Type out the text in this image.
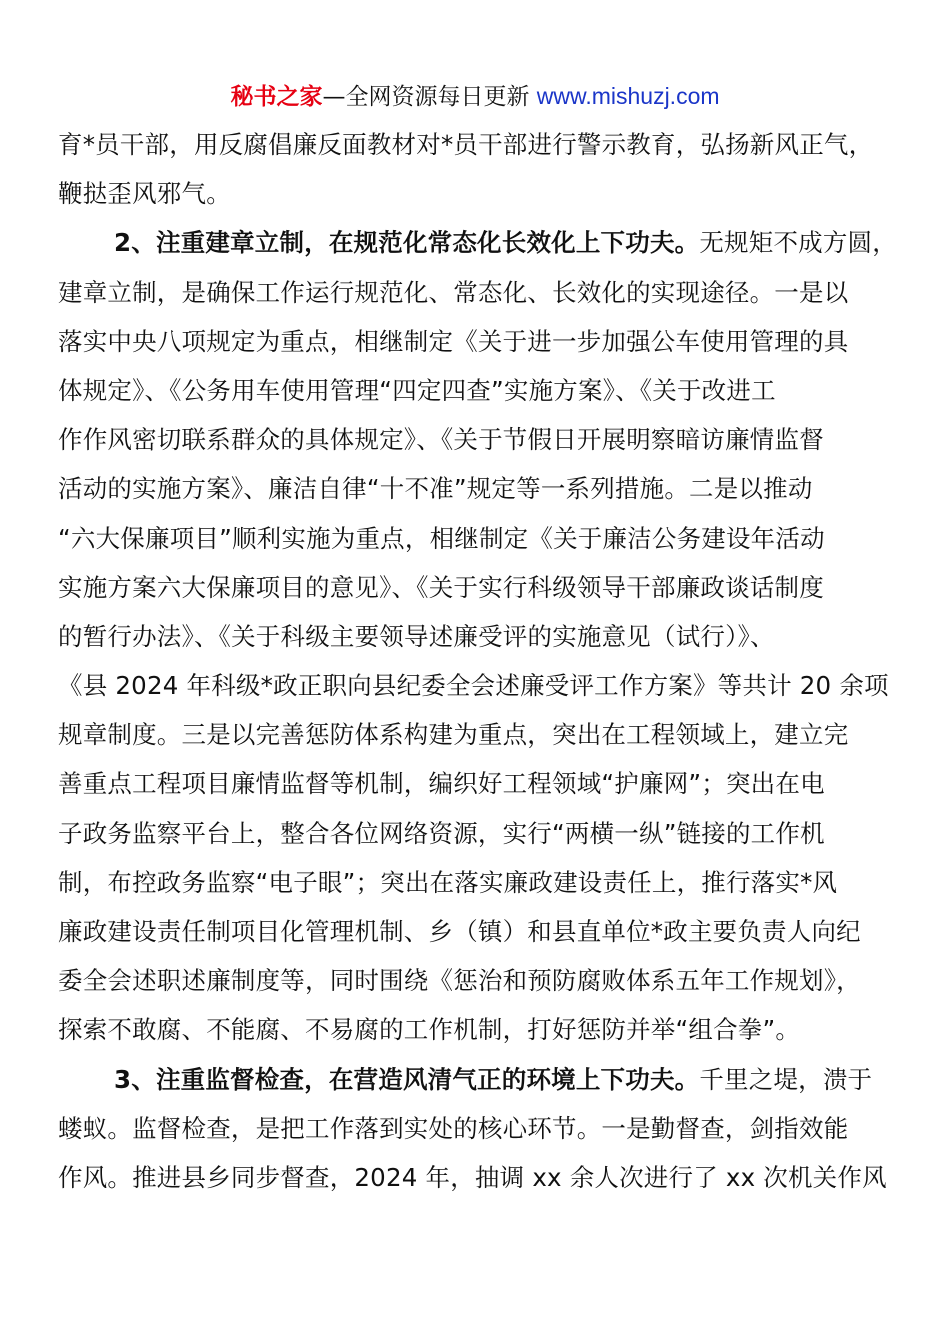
秘书之家—全网资源每日更新 www.mishuzj.com
育*员干部，用反腐倡廉反面教材对*员干部进行警示教育，弘扬新风正气，
鞭挞歪风邪气。
2、注重建章立制，在规范化常态化长效化上下功夫。无规矩不成方圆，
建章立制，是确保工作运行规范化、常态化、长效化的实现途径。一是以
落实中央八项规定为重点，相继制定《关于进一步加强公车使用管理的具
体规定》、《公务用车使用管理“四定四查”实施方案》、《关于改进工
作作风密切联系群众的具体规定》、《关于节假日开展明察暗访廉情监督
活动的实施方案》、廉洁自律“十不准”规定等一系列措施。二是以推动
“六大保廉项目”顺利实施为重点，相继制定《关于廉洁公务建设年活动
实施方案六大保廉项目的意见》、《关于实行科级领导干部廉政谈话制度
的暂行办法》、《关于科级主要领导述廉受评的实施意见（试行）》、
《县 2024 年科级*政正职向县纪委全会述廉受评工作方案》等共计 20 余项
规章制度。三是以完善惩防体系构建为重点，突出在工程领域上，建立完
善重点工程项目廉情监督等机制，编织好工程领域“护廉网”；突出在电
子政务监察平台上，整合各位网络资源，实行“两横一纵”链接的工作机
制，布控政务监察“电子眼”；突出在落实廉政建设责任上，推行落实*风
廉政建设责任制项目化管理机制、乡（镇）和县直单位*政主要负责人向纪
委全会述职述廉制度等，同时围绕《惩治和预防腐败体系五年工作规划》，
探索不敢腐、不能腐、不易腐的工作机制，打好惩防并举“组合拳”。
3、注重监督检查，在营造风清气正的环境上下功夫。千里之堤，溃于
蝼蚁。监督检查，是把工作落到实处的核心环节。一是勤督查，剑指效能
作风。推进县乡同步督查，2024 年，抽调 xx 余人次进行了 xx 次机关作风
